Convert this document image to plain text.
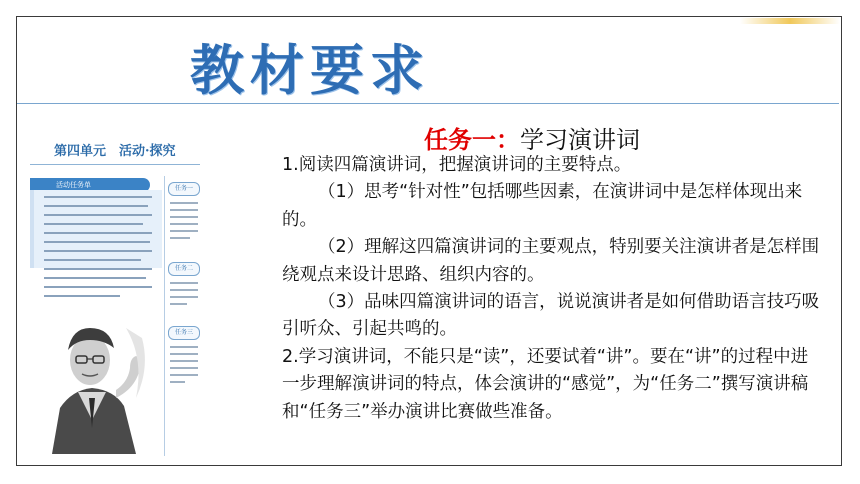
教材要求
第四单元　活动·探究
活动任务单	任务一
任务二
任务三
任务一：学习演讲词

1.阅读四篇演讲词，把握演讲词的主要特点。

（1）思考“针对性”包括哪些因素，在演讲词中是怎样体现出来的。

（2）理解这四篇演讲词的主要观点，特别要关注演讲者是怎样围绕观点来设计思路、组织内容的。

（3）品味四篇演讲词的语言，说说演讲者是如何借助语言技巧吸引听众、引起共鸣的。

2.学习演讲词，不能只是“读”，还要试着“讲”。要在“讲”的过程中进一步理解演讲词的特点，体会演讲的“感觉”，为“任务二”撰写演讲稿和“任务三”举办演讲比赛做些准备。
